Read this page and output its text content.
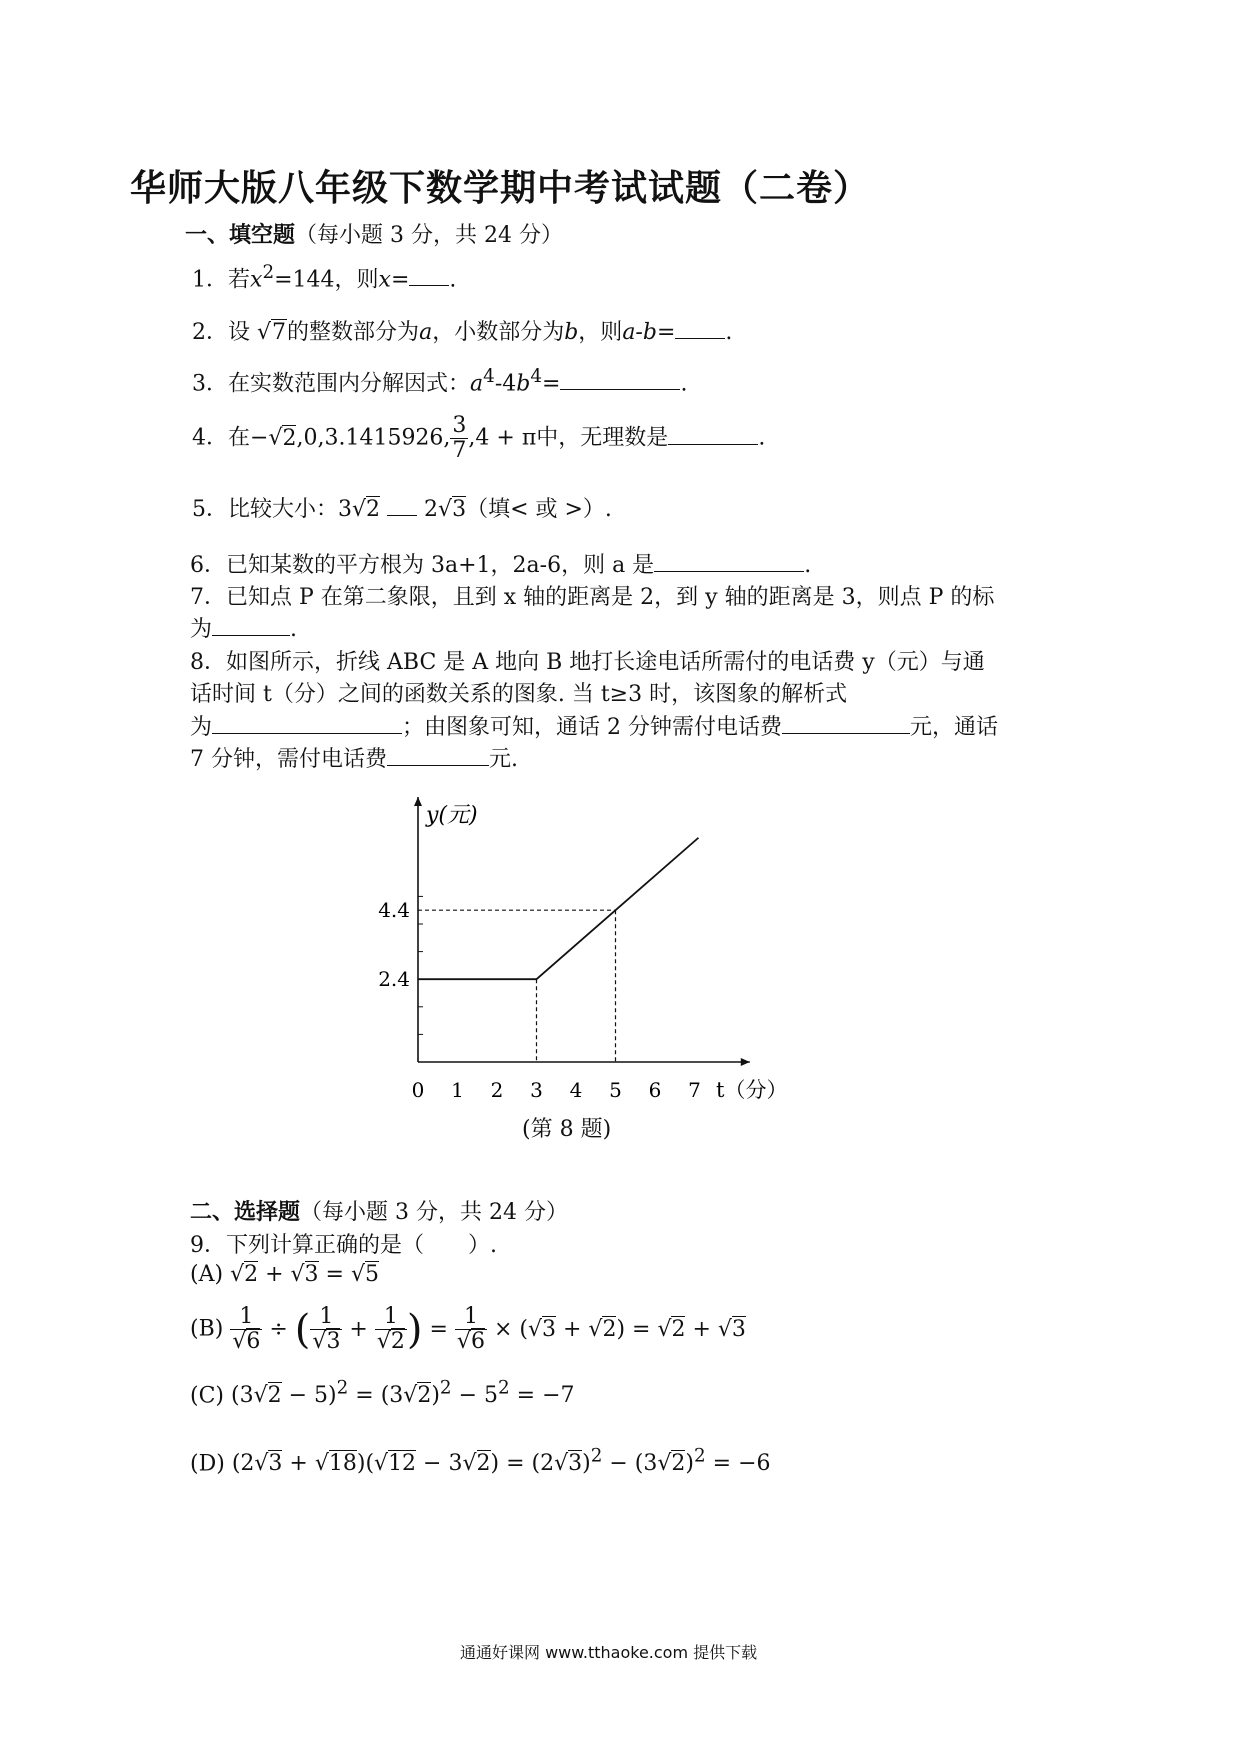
华师大版八年级下数学期中考试试题（二卷）
一、填空题（每小题 3 分，共 24 分）
1．若$x^2=144$，则x= .
2．设 √7的整数部分为a，小数部分为b，则a-b= .
3．在实数范围内分解因式：$a^4-4b^4=$	.
4．在−√2,0,3.1415926, $\frac{3}{7} ,4 + \pi$中，无理数是	.
5．比较大小：3√2 2√3（填< 或 >）.
6．已知某数的平方根为 3a+1，2a-6，则 a 是	.
7．已知点 P 在第二象限，且到 x 轴的距离是 2，到 y 轴的距离是 3，则点 P 的标
为	.
8．如图所示，折线 ABC 是 A 地向 B 地打长途电话所需付的电话费 y（元）与通
话时间 t（分）之间的函数关系的图象. 当 t≥3 时，该图象的解析式
为	；由图象可知，通话 2 分钟需付电话费	元，通话
7 分钟，需付电话费	元.
0 1 2 3 4 5 6 7
2.4
4.4
y(元)
t（分）
(第 8 题)
二、选择题（每小题 3 分，共 24 分）
9．下列计算正确的是（　　）.
(A) √2 + √3 = √5
$(B) \frac{1}{√6}$ ÷ ( $\frac{1}{√3} + \frac{1}{√2}$ ) = $\frac{1}{√6} \times (√3 + √2) = √2 + √3$
(C) $(3√2 - 5)^2 = (3√2)^2 - 5^2 = -7$
(D) $(2√3 + √18)(√12 - 3√2) = (2√3)^2 - (3√2)^2 = -6$
通通好课网 www.tthaoke.com 提供下载
